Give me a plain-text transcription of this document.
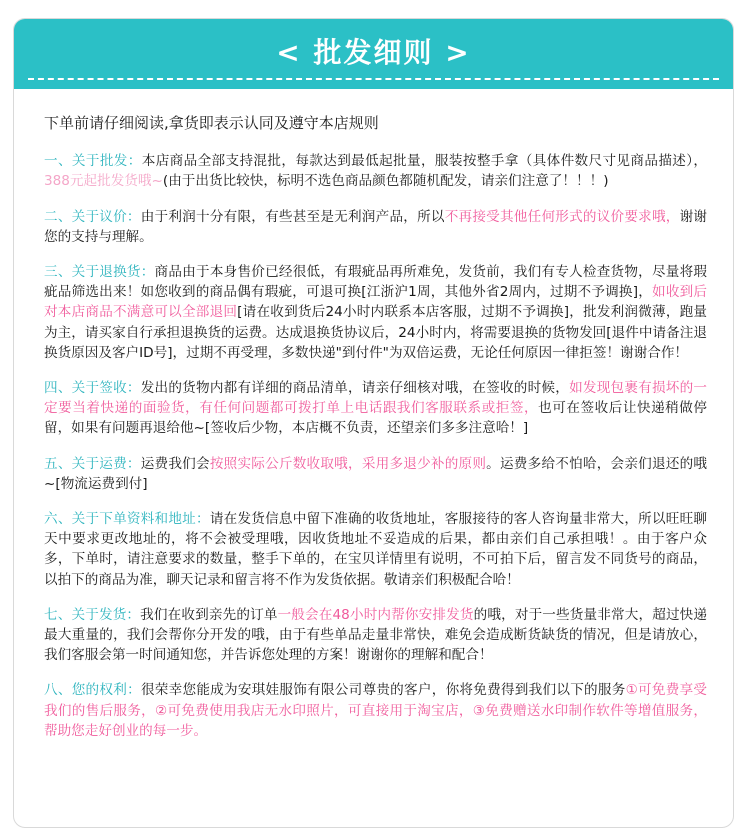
< 批发细则 >

下单前请仔细阅读,拿货即表示认同及遵守本店规则

一、关于批发：本店商品全部支持混批，每款达到最低起批量，服装按整手拿（具体件数尺寸见商品描述），388元起批发货哦~(由于出货比较快，标明不选色商品颜色都随机配发，请亲们注意了！！！)

二、关于议价：由于利润十分有限，有些甚至是无利润产品，所以不再接受其他任何形式的议价要求哦，谢谢您的支持与理解。

三、关于退换货：商品由于本身售价已经很低，有瑕疵品再所难免，发货前，我们有专人检查货物，尽量将瑕疵品筛选出来！如您收到的商品偶有瑕疵，可退可换[江浙沪1周，其他外省2周内，过期不予调换]，如收到后对本店商品不满意可以全部退回[请在收到货后24小时内联系本店客服，过期不予调换]，批发利润微薄，跑量为主，请买家自行承担退换货的运费。达成退换货协议后，24小时内，将需要退换的货物发回[退件中请备注退换货原因及客户ID号]，过期不再受理，多数快递"到付件"为双倍运费，无论任何原因一律拒签！谢谢合作！

四、关于签收：发出的货物内都有详细的商品清单，请亲仔细核对哦，在签收的时候，如发现包裹有损坏的一定要当着快递的面验货，有任何问题都可拨打单上电话跟我们客服联系或拒签，也可在签收后让快递稍做停留，如果有问题再退给他~[签收后少物，本店概不负责，还望亲们多多注意哈！]

五、关于运费：运费我们会按照实际公斤数收取哦，采用多退少补的原则。运费多给不怕哈，会亲们退还的哦~[物流运费到付]

六、关于下单资料和地址：请在发货信息中留下准确的收货地址，客服接待的客人咨询量非常大，所以旺旺聊天中要求更改地址的，将不会被受理哦，因收货地址不妥造成的后果，都由亲们自己承担哦！。由于客户众多，下单时，请注意要求的数量，整手下单的，在宝贝详情里有说明，不可拍下后，留言发不同货号的商品，以拍下的商品为准，聊天记录和留言将不作为发货依据。敬请亲们积极配合哈！

七、关于发货：我们在收到亲先的订单一般会在48小时内帮你安排发货的哦，对于一些货量非常大，超过快递最大重量的，我们会帮你分开发的哦，由于有些单品走量非常快，难免会造成断货缺货的情况，但是请放心，我们客服会第一时间通知您，并告诉您处理的方案！谢谢你的理解和配合！

八、您的权利：很荣幸您能成为安琪娃服饰有限公司尊贵的客户，你将免费得到我们以下的服务①可免费享受我们的售后服务，②可免费使用我店无水印照片，可直接用于淘宝店，③免费赠送水印制作软件等增值服务，帮助您走好创业的每一步。
